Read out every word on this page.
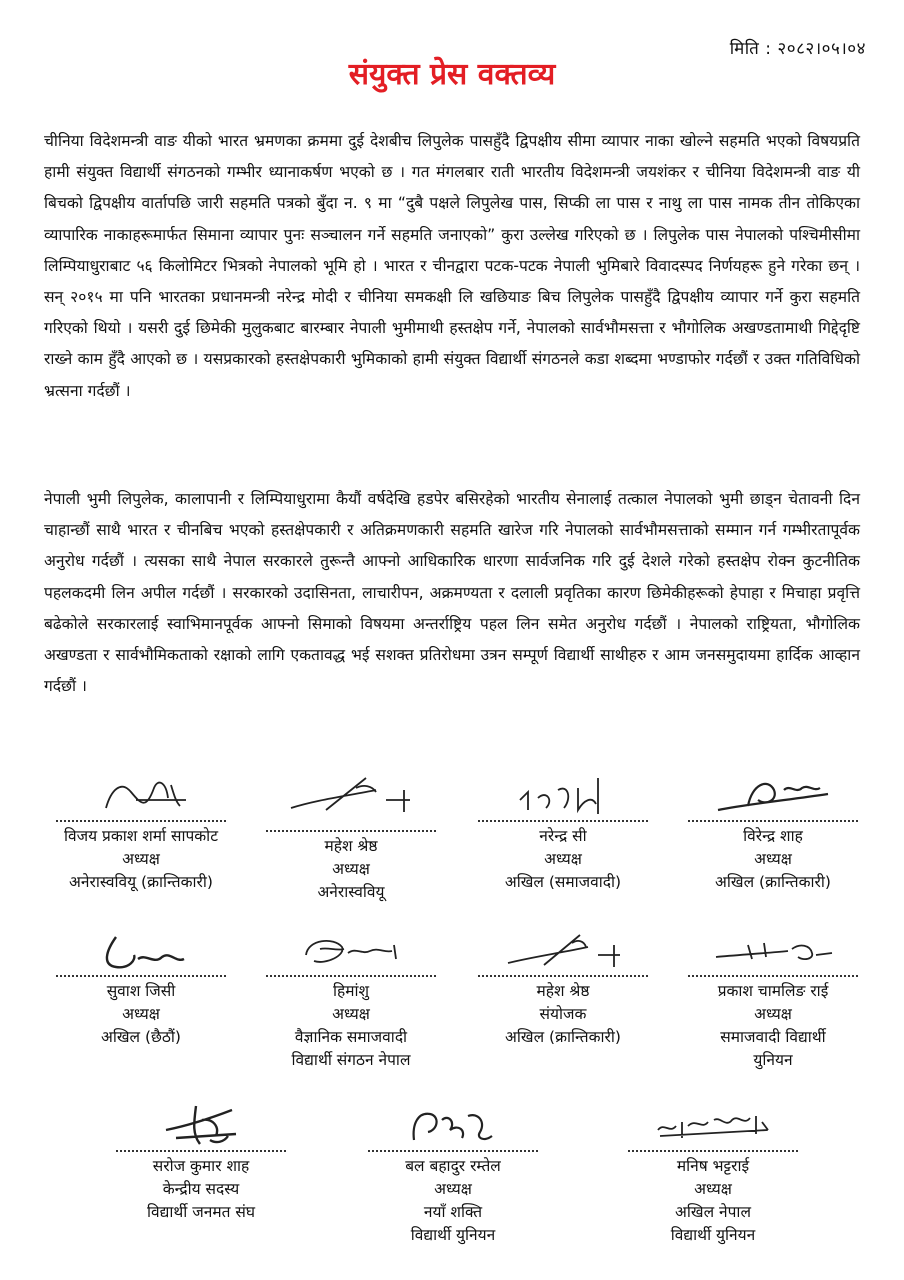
मिति : २०८२।०५।०४
संयुक्त प्रेस वक्तव्य

चीनिया विदेशमन्त्री वाङ यीको भारत भ्रमणका क्रममा दुई देशबीच लिपुलेक पासहुँदै द्विपक्षीय सीमा व्यापार नाका खोल्ने सहमति भएको विषयप्रति हामी संयुक्त विद्यार्थी संगठनको गम्भीर ध्यानाकर्षण भएको छ । गत मंगलबार राती भारतीय विदेशमन्त्री जयशंकर र चीनिया विदेशमन्त्री वाङ यी बिचको द्विपक्षीय वार्तापछि जारी सहमति पत्रको बुँदा न. ९ मा “दुबै पक्षले लिपुलेख पास, सिप्की ला पास र नाथु ला पास नामक तीन तोकिएका व्यापारिक नाकाहरूमार्फत सिमाना व्यापार पुनः सञ्चालन गर्ने सहमति जनाएको” कुरा उल्लेख गरिएको छ । लिपुलेक पास नेपालको पश्चिमीसीमा लिम्पियाधुराबाट ५६ किलोमिटर भित्रको नेपालको भूमि हो । भारत र चीनद्वारा पटक-पटक नेपाली भुमिबारे विवादस्पद निर्णयहरू हुने गरेका छन् । सन् २०१५ मा पनि भारतका प्रधानमन्त्री नरेन्द्र मोदी र चीनिया समकक्षी लि खछियाङ बिच लिपुलेक पासहुँदै द्विपक्षीय व्यापार गर्ने कुरा सहमति गरिएको थियो । यसरी दुई छिमेकी मुलुकबाट बारम्बार नेपाली भुमीमाथी हस्तक्षेप गर्ने, नेपालको सार्वभौमसत्ता र भौगोलिक अखण्डतामाथी गिद्देदृष्टि राख्ने काम हुँदै आएको छ । यसप्रकारको हस्तक्षेपकारी भुमिकाको हामी संयुक्त विद्यार्थी संगठनले कडा शब्दमा भण्डाफोर गर्दछौं र उक्त गतिविधिको भ्रत्सना गर्दछौं ।

नेपाली भुमी लिपुलेक, कालापानी र लिम्पियाधुरामा कैयौं वर्षदेखि हडपेर बसिरहेको भारतीय सेनालाई तत्काल नेपालको भुमी छाड्न चेतावनी दिन चाहान्छौं साथै भारत र चीनबिच भएको हस्तक्षेपकारी र अतिक्रमणकारी सहमति खारेज गरि नेपालको सार्वभौमसत्ताको सम्मान गर्न गम्भीरतापूर्वक अनुरोध गर्दछौं । त्यसका साथै नेपाल सरकारले तुरून्तै आफ्नो आधिकारिक धारणा सार्वजनिक गरि दुई देशले गरेको हस्तक्षेप रोक्न कुटनीतिक पहलकदमी लिन अपील गर्दछौं । सरकारको उदासिनता, लाचारीपन, अक्रमण्यता र दलाली प्रवृतिका कारण छिमेकीहरूको हेपाहा र मिचाहा प्रवृत्ति बढेकोले सरकारलाई स्वाभिमानपूर्वक आफ्नो सिमाको विषयमा अन्तर्राष्ट्रिय पहल लिन समेत अनुरोध गर्दछौं । नेपालको राष्ट्रियता, भौगोलिक अखण्डता र सार्वभौमिकताको रक्षाको लागि एकतावद्ध भई सशक्त प्रतिरोधमा उत्रन सम्पूर्ण विद्यार्थी साथीहरु र आम जनसमुदायमा हार्दिक आव्हान गर्दछौं ।

विजय प्रकाश शर्मा सापकोट
अध्यक्ष
अनेरास्ववियू (क्रान्तिकारी)
महेश श्रेष्ठ
अध्यक्ष
अनेरास्ववियू
नरेन्द्र सी
अध्यक्ष
अखिल (समाजवादी)
विरेन्द्र शाह
अध्यक्ष
अखिल (क्रान्तिकारी)
सुवाश जिसी
अध्यक्ष
अखिल (छैठौं)
हिमांशु
अध्यक्ष
वैज्ञानिक समाजवादी
विद्यार्थी संगठन नेपाल
महेश श्रेष्ठ
संयोजक
अखिल (क्रान्तिकारी)
प्रकाश चामलिङ राई
अध्यक्ष
समाजवादी विद्यार्थी
युनियन
सरोज कुमार शाह
केन्द्रीय सदस्य
विद्यार्थी जनमत संघ
बल बहादुर रम्तेल
अध्यक्ष
नयाँ शक्ति
विद्यार्थी युनियन
मनिष भट्टराई
अध्यक्ष
अखिल नेपाल
विद्यार्थी युनियन
